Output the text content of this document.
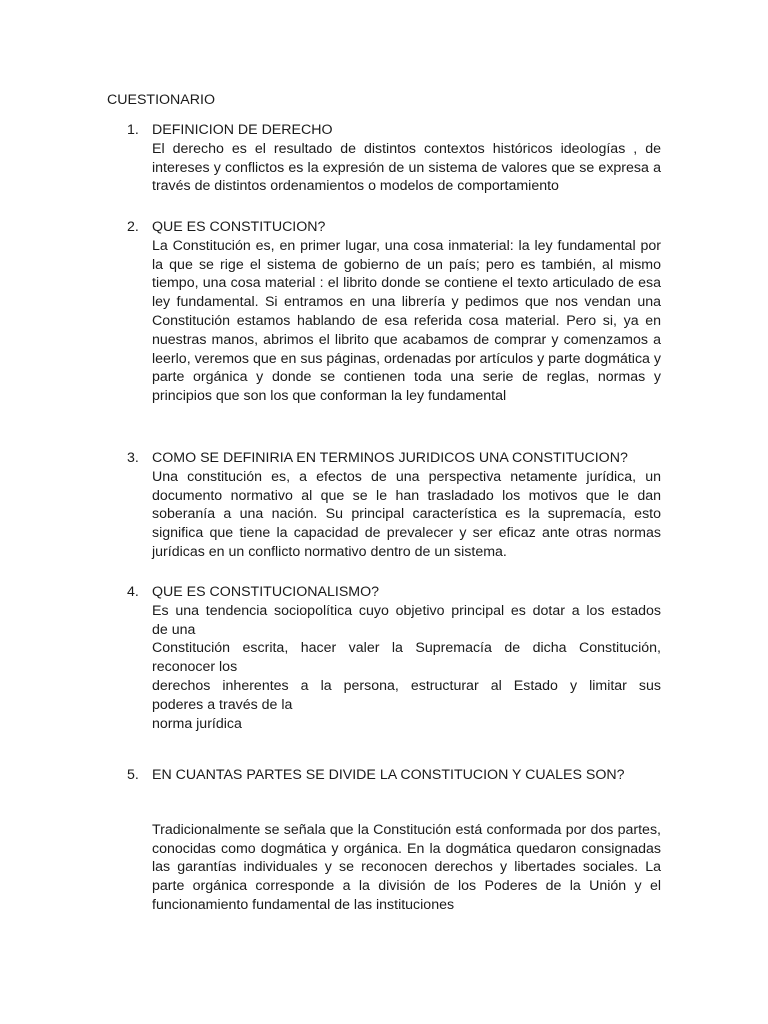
CUESTIONARIO
1. DEFINICION DE DERECHO
El derecho es el resultado de distintos contextos históricos ideologías , de intereses y conflictos es la expresión de un sistema de valores que se expresa a través de distintos ordenamientos o modelos de comportamiento
2. QUE ES CONSTITUCION?
La Constitución es, en primer lugar, una cosa inmaterial: la ley fundamental por la que se rige el sistema de gobierno de un país; pero es también, al mismo tiempo, una cosa material : el librito donde se contiene el texto articulado de esa ley fundamental. Si entramos en una librería y pedimos que nos vendan una Constitución estamos hablando de esa referida cosa material. Pero si, ya en nuestras manos, abrimos el librito que acabamos de comprar y comenzamos a leerlo, veremos que en sus páginas, ordenadas por artículos y parte dogmática y parte orgánica y donde se contienen toda una serie de reglas, normas y principios que son los que conforman la ley fundamental
3. COMO SE DEFINIRIA EN TERMINOS JURIDICOS UNA CONSTITUCION?
Una constitución es, a efectos de una perspectiva netamente jurídica, un documento normativo al que se le han trasladado los motivos que le dan soberanía a una nación. Su principal característica es la supremacía, esto significa que tiene la capacidad de prevalecer y ser eficaz ante otras normas jurídicas en un conflicto normativo dentro de un sistema.
4. QUE ES CONSTITUCIONALISMO?
Es una tendencia sociopolítica cuyo objetivo principal es dotar a los estados
de una
Constitución escrita, hacer valer la Supremacía de dicha Constitución,
reconocer los
derechos inherentes a la persona, estructurar al Estado y limitar sus
poderes a través de la
norma jurídica
5. EN CUANTAS PARTES SE DIVIDE LA CONSTITUCION Y CUALES SON?
Tradicionalmente se señala que la Constitución está conformada por dos partes, conocidas como dogmática y orgánica. En la dogmática quedaron consignadas las garantías individuales y se reconocen derechos y libertades sociales. La parte orgánica corresponde a la división de los Poderes de la Unión y el funcionamiento fundamental de las instituciones
